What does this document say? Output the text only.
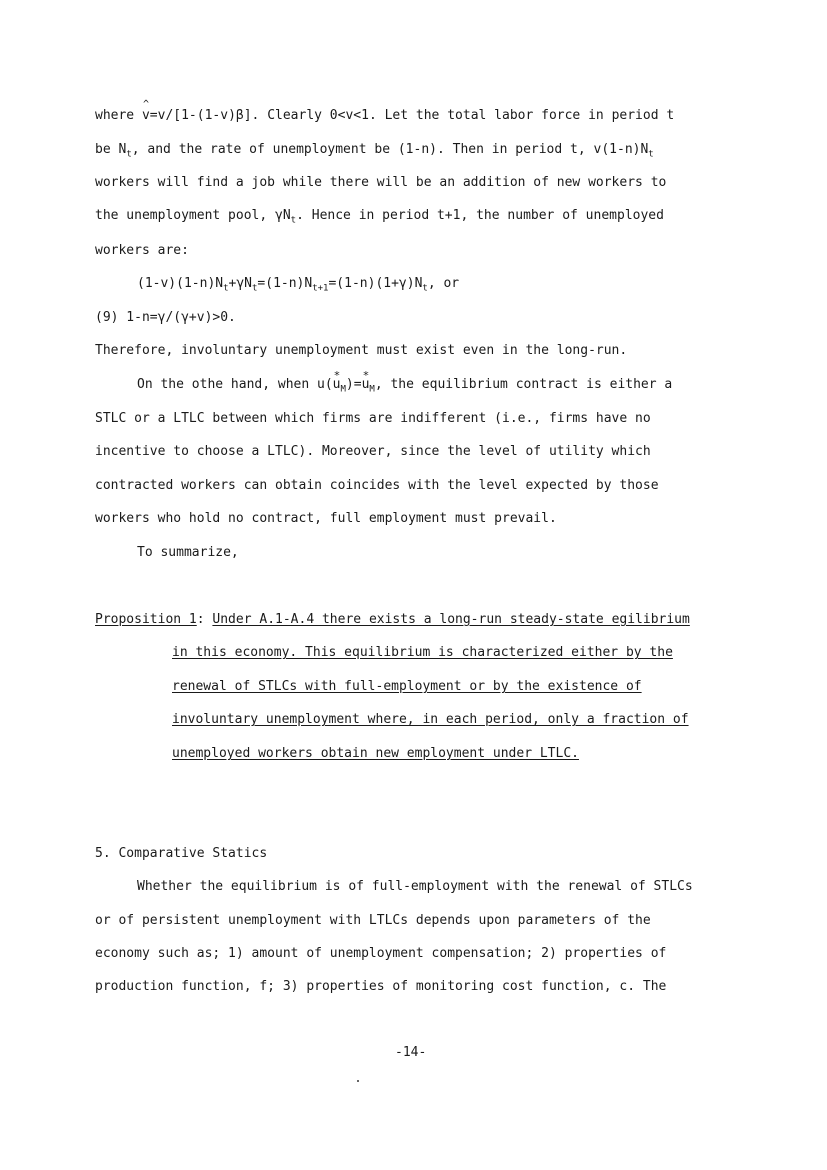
where ^ v=v/[1-(1-v)β]. Clearly 0<v<1. Let the total labor force in period t
be $N_t$, and the rate of unemployment be (1-n). Then in period t, $v(1-n)N_t$
workers will find a job while there will be an addition of new workers to
the unemployment pool, $\gamma N_t$. Hence in period t+1, the number of unemployed
workers are:
$(1-v)(1-n)N_t+\gamma N_t=(1-n)N_{t+1}=(1-n)(1+\gamma)N_t$, or
(9) 1-n=γ/(γ+v)>0.
Therefore, involuntary unemployment must exist even in the long-run.
On the othe hand, when u(* $u_M)=*$ $u_M$, the equilibrium contract is either a
STLC or a LTLC between which firms are indifferent (i.e., firms have no
incentive to choose a LTLC). Moreover, since the level of utility which
contracted workers can obtain coincides with the level expected by those
workers who hold no contract, full employment must prevail.
To summarize,
Proposition 1: Under A.1-A.4 there exists a long-run steady-state egilibrium
in this economy. This equilibrium is characterized either by the
renewal of STLCs with full-employment or by the existence of
involuntary unemployment where, in each period, only a fraction of
unemployed workers obtain new employment under LTLC.
5. Comparative Statics
Whether the equilibrium is of full-employment with the renewal of STLCs
or of persistent unemployment with LTLCs depends upon parameters of the
economy such as; 1) amount of unemployment compensation; 2) properties of
production function, f; 3) properties of monitoring cost function, c. The
-14-
